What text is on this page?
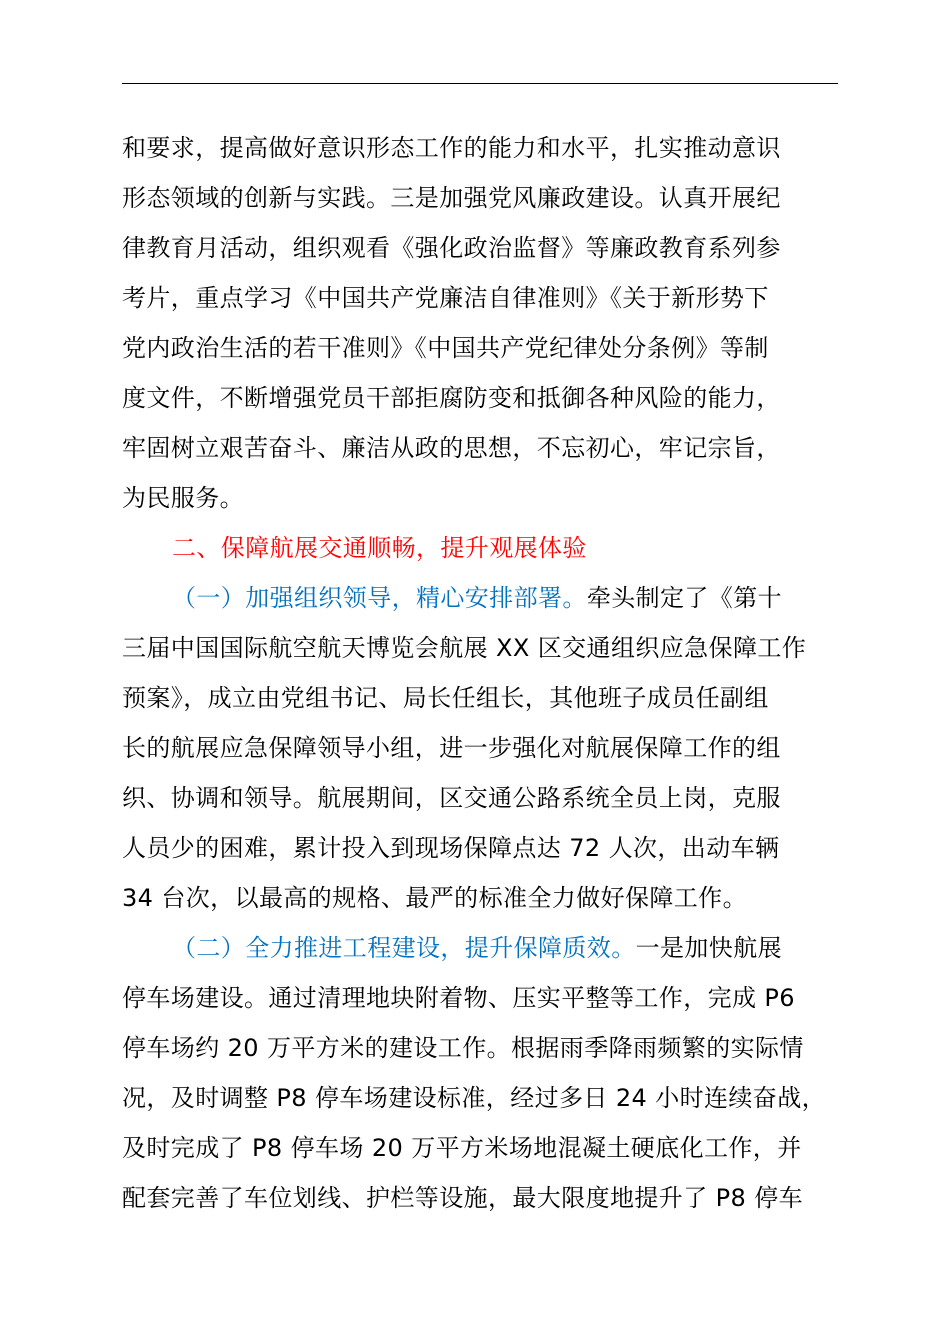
和要求，提高做好意识形态工作的能力和水平，扎实推动意识
形态领域的创新与实践。三是加强党风廉政建设。认真开展纪
律教育月活动，组织观看《强化政治监督》等廉政教育系列参
考片，重点学习《中国共产党廉洁自律准则》《关于新形势下
党内政治生活的若干准则》《中国共产党纪律处分条例》等制
度文件，不断增强党员干部拒腐防变和抵御各种风险的能力，
牢固树立艰苦奋斗、廉洁从政的思想，不忘初心，牢记宗旨，
为民服务。
二、保障航展交通顺畅，提升观展体验
（一）加强组织领导，精心安排部署。牵头制定了《第十
三届中国国际航空航天博览会航展 XX 区交通组织应急保障工作
预案》，成立由党组书记、局长任组长，其他班子成员任副组
长的航展应急保障领导小组，进一步强化对航展保障工作的组
织、协调和领导。航展期间，区交通公路系统全员上岗，克服
人员少的困难，累计投入到现场保障点达 72 人次，出动车辆
34 台次，以最高的规格、最严的标准全力做好保障工作。
（二）全力推进工程建设，提升保障质效。一是加快航展
停车场建设。通过清理地块附着物、压实平整等工作，完成 P6
停车场约 20 万平方米的建设工作。根据雨季降雨频繁的实际情
况，及时调整 P8 停车场建设标准，经过多日 24 小时连续奋战，
及时完成了 P8 停车场 20 万平方米场地混凝土硬底化工作，并
配套完善了车位划线、护栏等设施，最大限度地提升了 P8 停车
